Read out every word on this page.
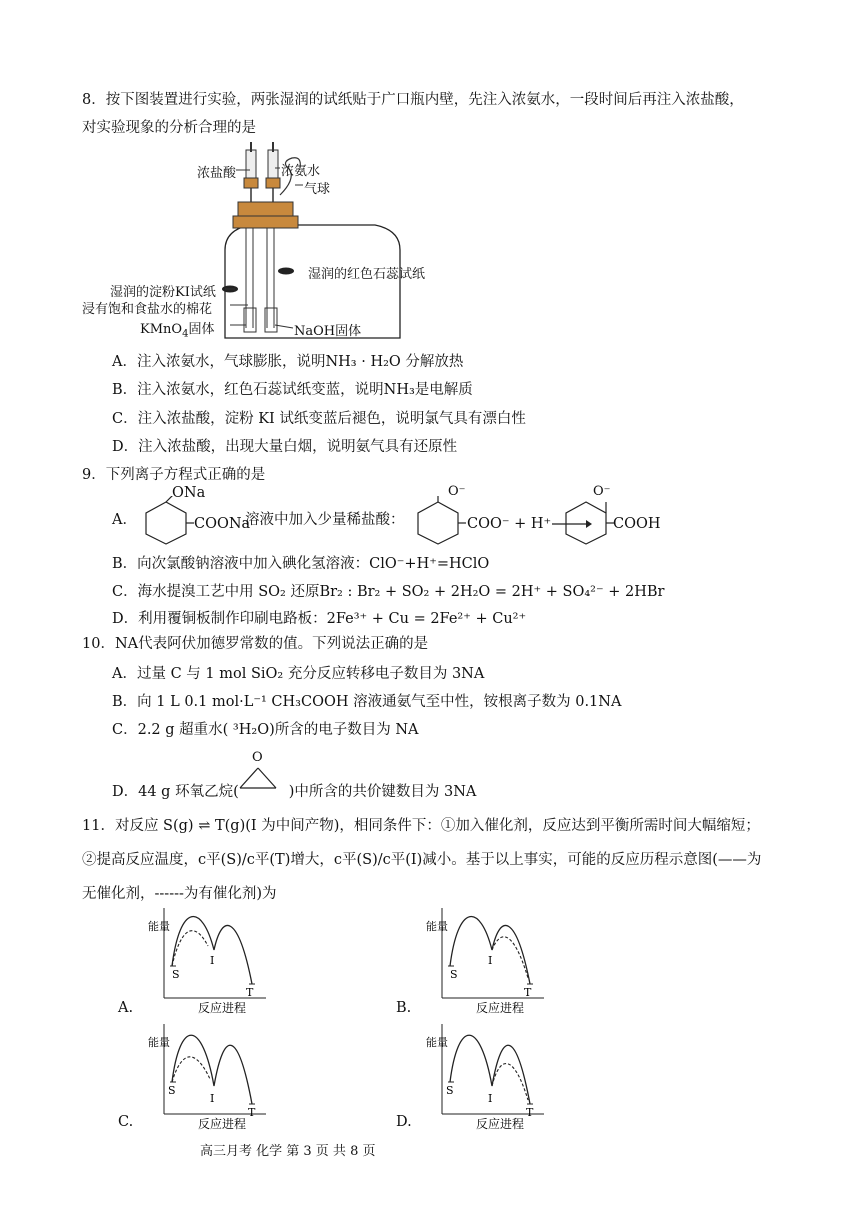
8．按下图装置进行实验，两张湿润的试纸贴于广口瓶内壁，先注入浓氨水，一段时间后再注入浓盐酸，
对实验现象的分析合理的是
浓盐酸	浓氨水
气球
湿润的红色石蕊试纸
湿润的淀粉KI试纸
浸有饱和食盐水的棉花
KMnO$_4$固体	NaOH固体
A．注入浓氨水，气球膨胀，说明NH₃ · H₂O 分解放热
B．注入浓氨水，红色石蕊试纸变蓝，说明NH₃是电解质
C．注入浓盐酸，淀粉 KI 试纸变蓝后褪色，说明氯气具有漂白性
D．注入浓盐酸，出现大量白烟，说明氨气具有还原性
9．下列离子方程式正确的是
A．
ONa
COONa
溶液中加入少量稀盐酸：
O⁻
COO⁻ + H⁺ →
O⁻
COOH
B．向次氯酸钠溶液中加入碘化氢溶液：ClO⁻+H⁺=HClO
C．海水提溴工艺中用 SO₂ 还原Br₂ : Br₂ + SO₂ + 2H₂O = 2H⁺ + SO₄²⁻ + 2HBr
D．利用覆铜板制作印刷电路板：2Fe³⁺ + Cu = 2Fe²⁺ + Cu²⁺
10．NA代表阿伏加德罗常数的值。下列说法正确的是
A．过量 C 与 1 mol SiO₂ 充分反应转移电子数目为 3NA
B．向 1 L 0.1 mol·L⁻¹ CH₃COOH 溶液通氨气至中性，铵根离子数为 0.1NA
C．2.2 g 超重水( ³H₂O)所含的电子数目为 NA
D．44 g 环氧乙烷(	)中所含的共价键数目为 3NA
O
11．对反应 S(g) ⇌ T(g)(I 为中间产物)，相同条件下：①加入催化剂，反应达到平衡所需时间大幅缩短；
②提高反应温度，c平(S)/c平(T)增大，c平(S)/c平(Ⅰ)减小。基于以上事实，可能的反应历程示意图(——为
无催化剂，------为有催化剂)为
能量
S
I
T
反应进程
A.
能量
S
I
T
反应进程
B.
能量
S
I
T
反应进程
C.
能量
S
I
T
反应进程
D.
高三月考 化学 第 3 页 共 8 页
